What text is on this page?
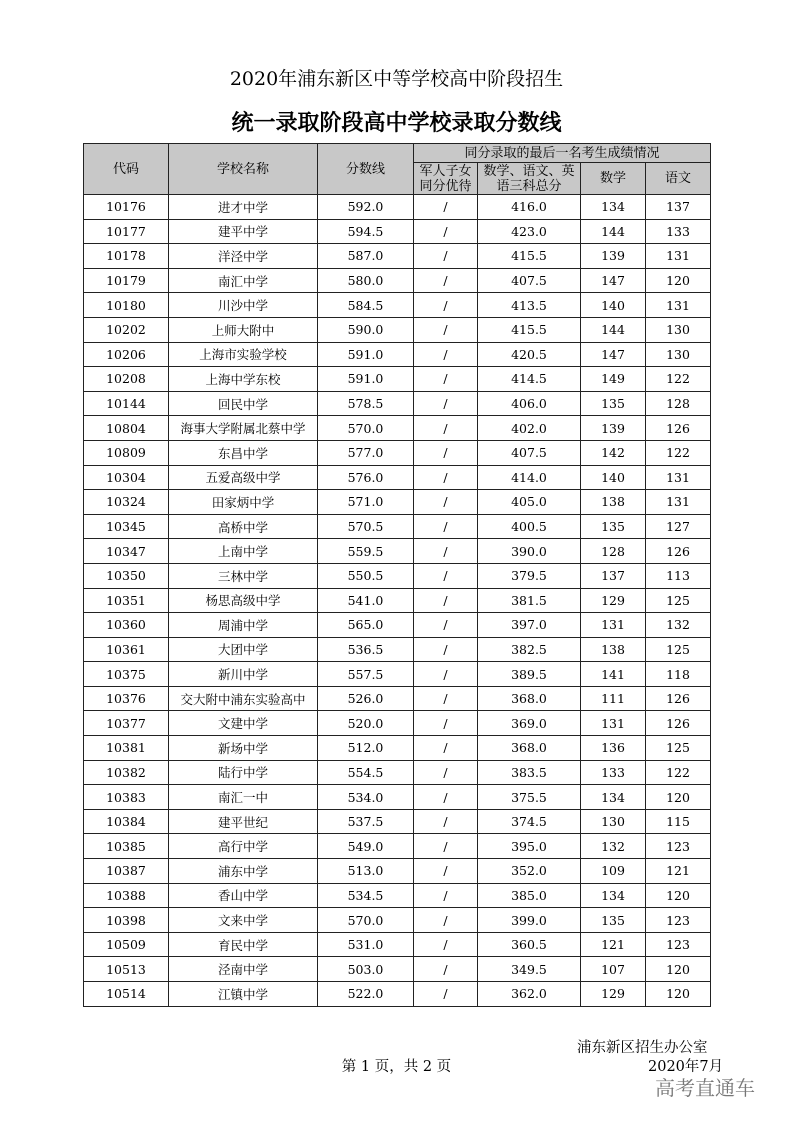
2020年浦东新区中等学校高中阶段招生
统一录取阶段高中学校录取分数线
代码	学校名称	分数线	同分录取的最后一名考生成绩情况			
			军人子女同分优待	数学、语文、英语三科总分	数学	语文
10176	进才中学	592.0	/	416.0	134	137
10177	建平中学	594.5	/	423.0	144	133
10178	洋泾中学	587.0	/	415.5	139	131
10179	南汇中学	580.0	/	407.5	147	120
10180	川沙中学	584.5	/	413.5	140	131
10202	上师大附中	590.0	/	415.5	144	130
10206	上海市实验学校	591.0	/	420.5	147	130
10208	上海中学东校	591.0	/	414.5	149	122
10144	回民中学	578.5	/	406.0	135	128
10804	海事大学附属北蔡中学	570.0	/	402.0	139	126
10809	东昌中学	577.0	/	407.5	142	122
10304	五爱高级中学	576.0	/	414.0	140	131
10324	田家炳中学	571.0	/	405.0	138	131
10345	高桥中学	570.5	/	400.5	135	127
10347	上南中学	559.5	/	390.0	128	126
10350	三林中学	550.5	/	379.5	137	113
10351	杨思高级中学	541.0	/	381.5	129	125
10360	周浦中学	565.0	/	397.0	131	132
10361	大团中学	536.5	/	382.5	138	125
10375	新川中学	557.5	/	389.5	141	118
10376	交大附中浦东实验高中	526.0	/	368.0	111	126
10377	文建中学	520.0	/	369.0	131	126
10381	新场中学	512.0	/	368.0	136	125
10382	陆行中学	554.5	/	383.5	133	122
10383	南汇一中	534.0	/	375.5	134	120
10384	建平世纪	537.5	/	374.5	130	115
10385	高行中学	549.0	/	395.0	132	123
10387	浦东中学	513.0	/	352.0	109	121
10388	香山中学	534.5	/	385.0	134	120
10398	文来中学	570.0	/	399.0	135	123
10509	育民中学	531.0	/	360.5	121	123
10513	泾南中学	503.0	/	349.5	107	120
10514	江镇中学	522.0	/	362.0	129	120
第 1 页，共 2 页
浦东新区招生办公室
2020年7月
高考直通车
